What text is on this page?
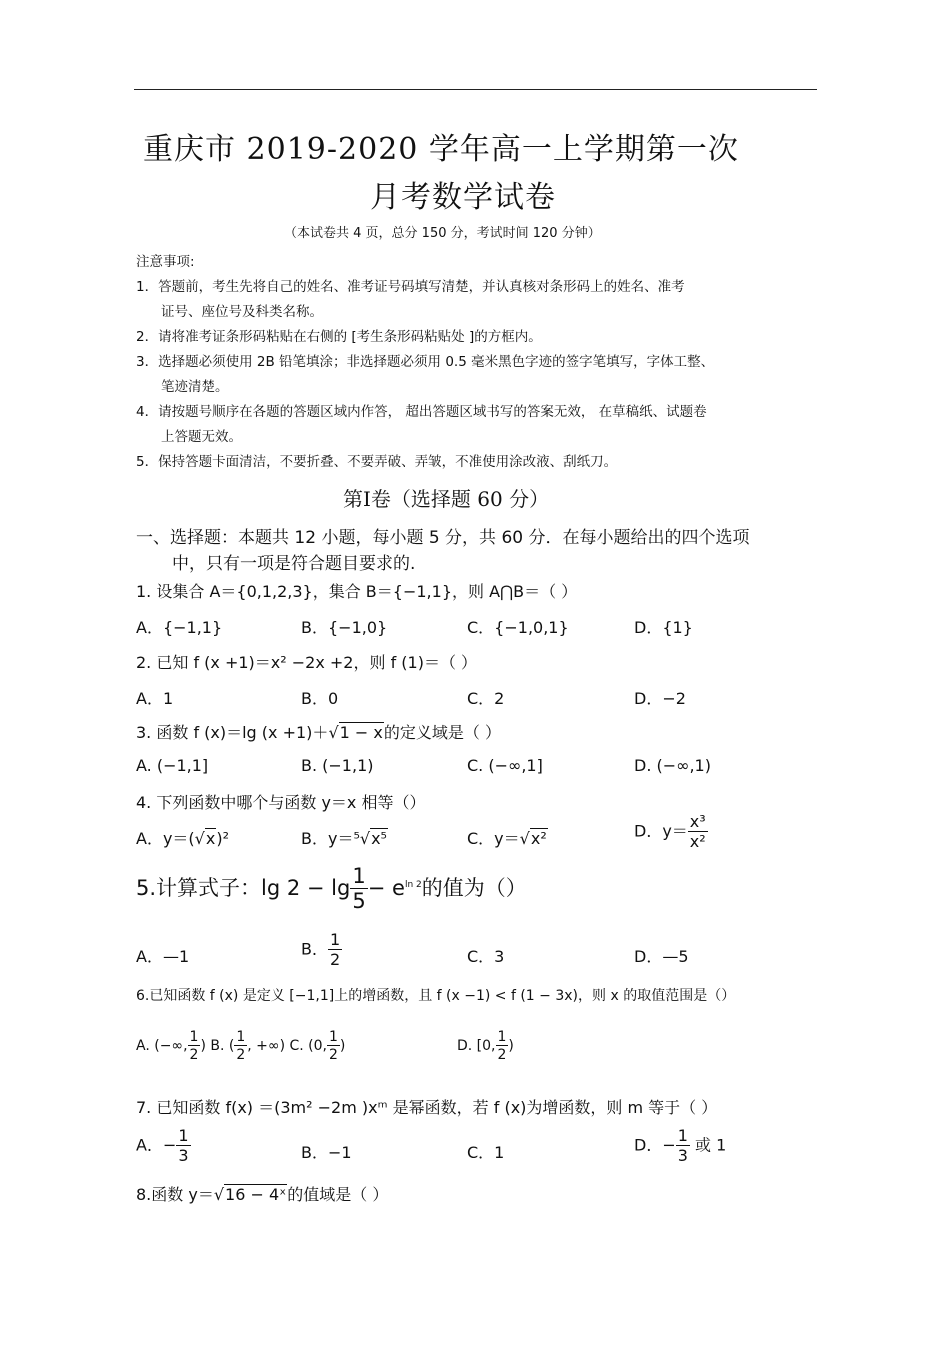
重庆市 2019-2020 学年高一上学期第一次
月考数学试卷
（本试卷共 4 页，总分 150 分，考试时间 120 分钟）
注意事项:
1．答题前，考生先将自己的姓名、准考证号码填写清楚，并认真核对条形码上的姓名、准考
证号、座位号及科类名称。
2．请将准考证条形码粘贴在右侧的 [考生条形码粘贴处 ]的方框内。
3．选择题必须使用 2B 铅笔填涂；非选择题必须用 0.5 毫米黑色字迹的签字笔填写，字体工整、
笔迹清楚。
4．请按题号顺序在各题的答题区域内作答， 超出答题区域书写的答案无效， 在草稿纸、试题卷
上答题无效。
5．保持答题卡面清洁，不要折叠、不要弄破、弄皱，不准使用涂改液、刮纸刀。
第Ⅰ卷（选择题 60 分）
一、选择题：本题共 12 小题，每小题 5 分，共 60 分．在每小题给出的四个选项
中，只有一项是符合题目要求的.
1. 设集合 A＝{0,1,2,3}，集合 B＝{−1,1}，则 A⋂B＝（ ）
A．{−1,1}	B．{−1,0}	C．{−1,0,1}	D．{1}
2. 已知 f (x +1)＝x² −2x +2，则 f (1)＝（ ）
A．1	B．0	C．2	D．−2
3. 函数 f (x)＝lg (x +1)＋√1 − x的定义域是（ ）
A. (−1,1]	B. (−1,1)	C. (−∞,1]	D. (−∞,1)
4. 下列函数中哪个与函数 y＝x 相等（）
A．y＝(√x)²	B．y＝⁵√x⁵	C．y＝√x²	D．$y= \frac{\text{x³}}{\text{x²}}$
5.计算式子：$\lg 2 - \lg \frac{1}{5} - e^{ln 2}$的值为（）
A．—1	B． $\frac{1}{2}$	C．3	D．—5
6.已知函数 f (x) 是定义 [−1,1]上的增函数，且 f (x −1) < f (1 − 3x)，则 x 的取值范围是（）
A. (−∞, $\frac{1}{2}$ ) B. ( $\frac{1}{2}$ , +∞) C. (0, $\frac{1}{2}$ )	D. [0, $\frac{1}{2}$ )
7. 已知函数 f(x) ＝(3m² −2m )xᵐ 是幂函数，若 f (x)为增函数，则 m 等于（ ）
A．− $\frac{1}{3}$	B．−1	C．1	D．− $\frac{1}{3}$ 或 1
8.函数 y＝√16 − 4ˣ的值域是（ ）
